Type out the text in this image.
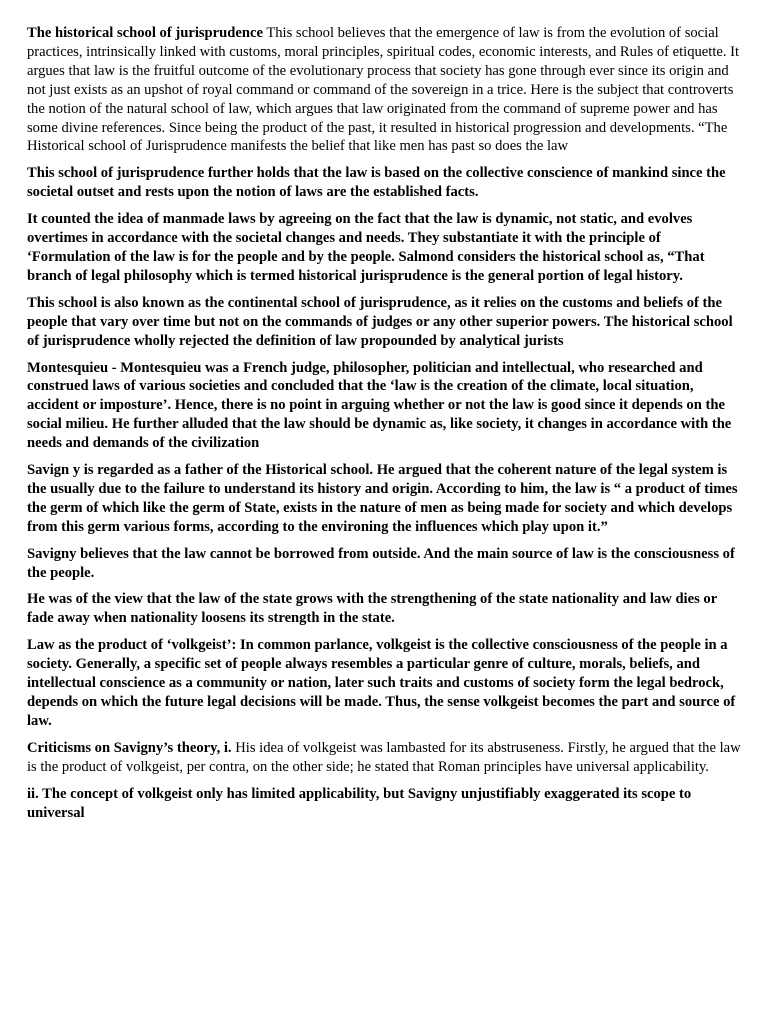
The historical school of jurisprudence This school believes that the emergence of law is from the evolution of social practices, intrinsically linked with customs, moral principles, spiritual codes, economic interests, and Rules of etiquette. It argues that law is the fruitful outcome of the evolutionary process that society has gone through ever since its origin and not just exists as an upshot of royal command or command of the sovereign in a trice. Here is the subject that controverts the notion of the natural school of law, which argues that law originated from the command of supreme power and has some divine references. Since being the product of the past, it resulted in historical progression and developments. “The Historical school of Jurisprudence manifests the belief that like men has past so does the law

This school of jurisprudence further holds that the law is based on the collective conscience of mankind since the societal outset and rests upon the notion of laws are the established facts.

It counted the idea of manmade laws by agreeing on the fact that the law is dynamic, not static, and evolves overtimes in accordance with the societal changes and needs. They substantiate it with the principle of ‘Formulation of the law is for the people and by the people. Salmond considers the historical school as, “That branch of legal philosophy which is termed historical jurisprudence is the general portion of legal history.

This school is also known as the continental school of jurisprudence, as it relies on the customs and beliefs of the people that vary over time but not on the commands of judges or any other superior powers. The historical school of jurisprudence wholly rejected the definition of law propounded by analytical jurists

Montesquieu - Montesquieu was a French judge, philosopher, politician and intellectual, who researched and construed laws of various societies and concluded that the ‘law is the creation of the climate, local situation, accident or imposture’. Hence, there is no point in arguing whether or not the law is good since it depends on the social milieu. He further alluded that the law should be dynamic as, like society, it changes in accordance with the needs and demands of the civilization

Savign y is regarded as a father of the Historical school. He argued that the coherent nature of the legal system is the usually due to the failure to understand its history and origin. According to him, the law is “ a product of times the germ of which like the germ of State, exists in the nature of men as being made for society and which develops from this germ various forms, according to the environing the influences which play upon it.”

Savigny believes that the law cannot be borrowed from outside. And the main source of law is the consciousness of the people.

He was of the view that the law of the state grows with the strengthening of the state nationality and law dies or fade away when nationality loosens its strength in the state.

Law as the product of ‘volkgeist’: In common parlance, volkgeist is the collective consciousness of the people in a society. Generally, a specific set of people always resembles a particular genre of culture, morals, beliefs, and intellectual conscience as a community or nation, later such traits and customs of society form the legal bedrock, depends on which the future legal decisions will be made. Thus, the sense volkgeist becomes the part and source of law.

Criticisms on Savigny’s theory, i. His idea of volkgeist was lambasted for its abstruseness. Firstly, he argued that the law is the product of volkgeist, per contra, on the other side; he stated that Roman principles have universal applicability.

ii. The concept of volkgeist only has limited applicability, but Savigny unjustifiably exaggerated its scope to universal
